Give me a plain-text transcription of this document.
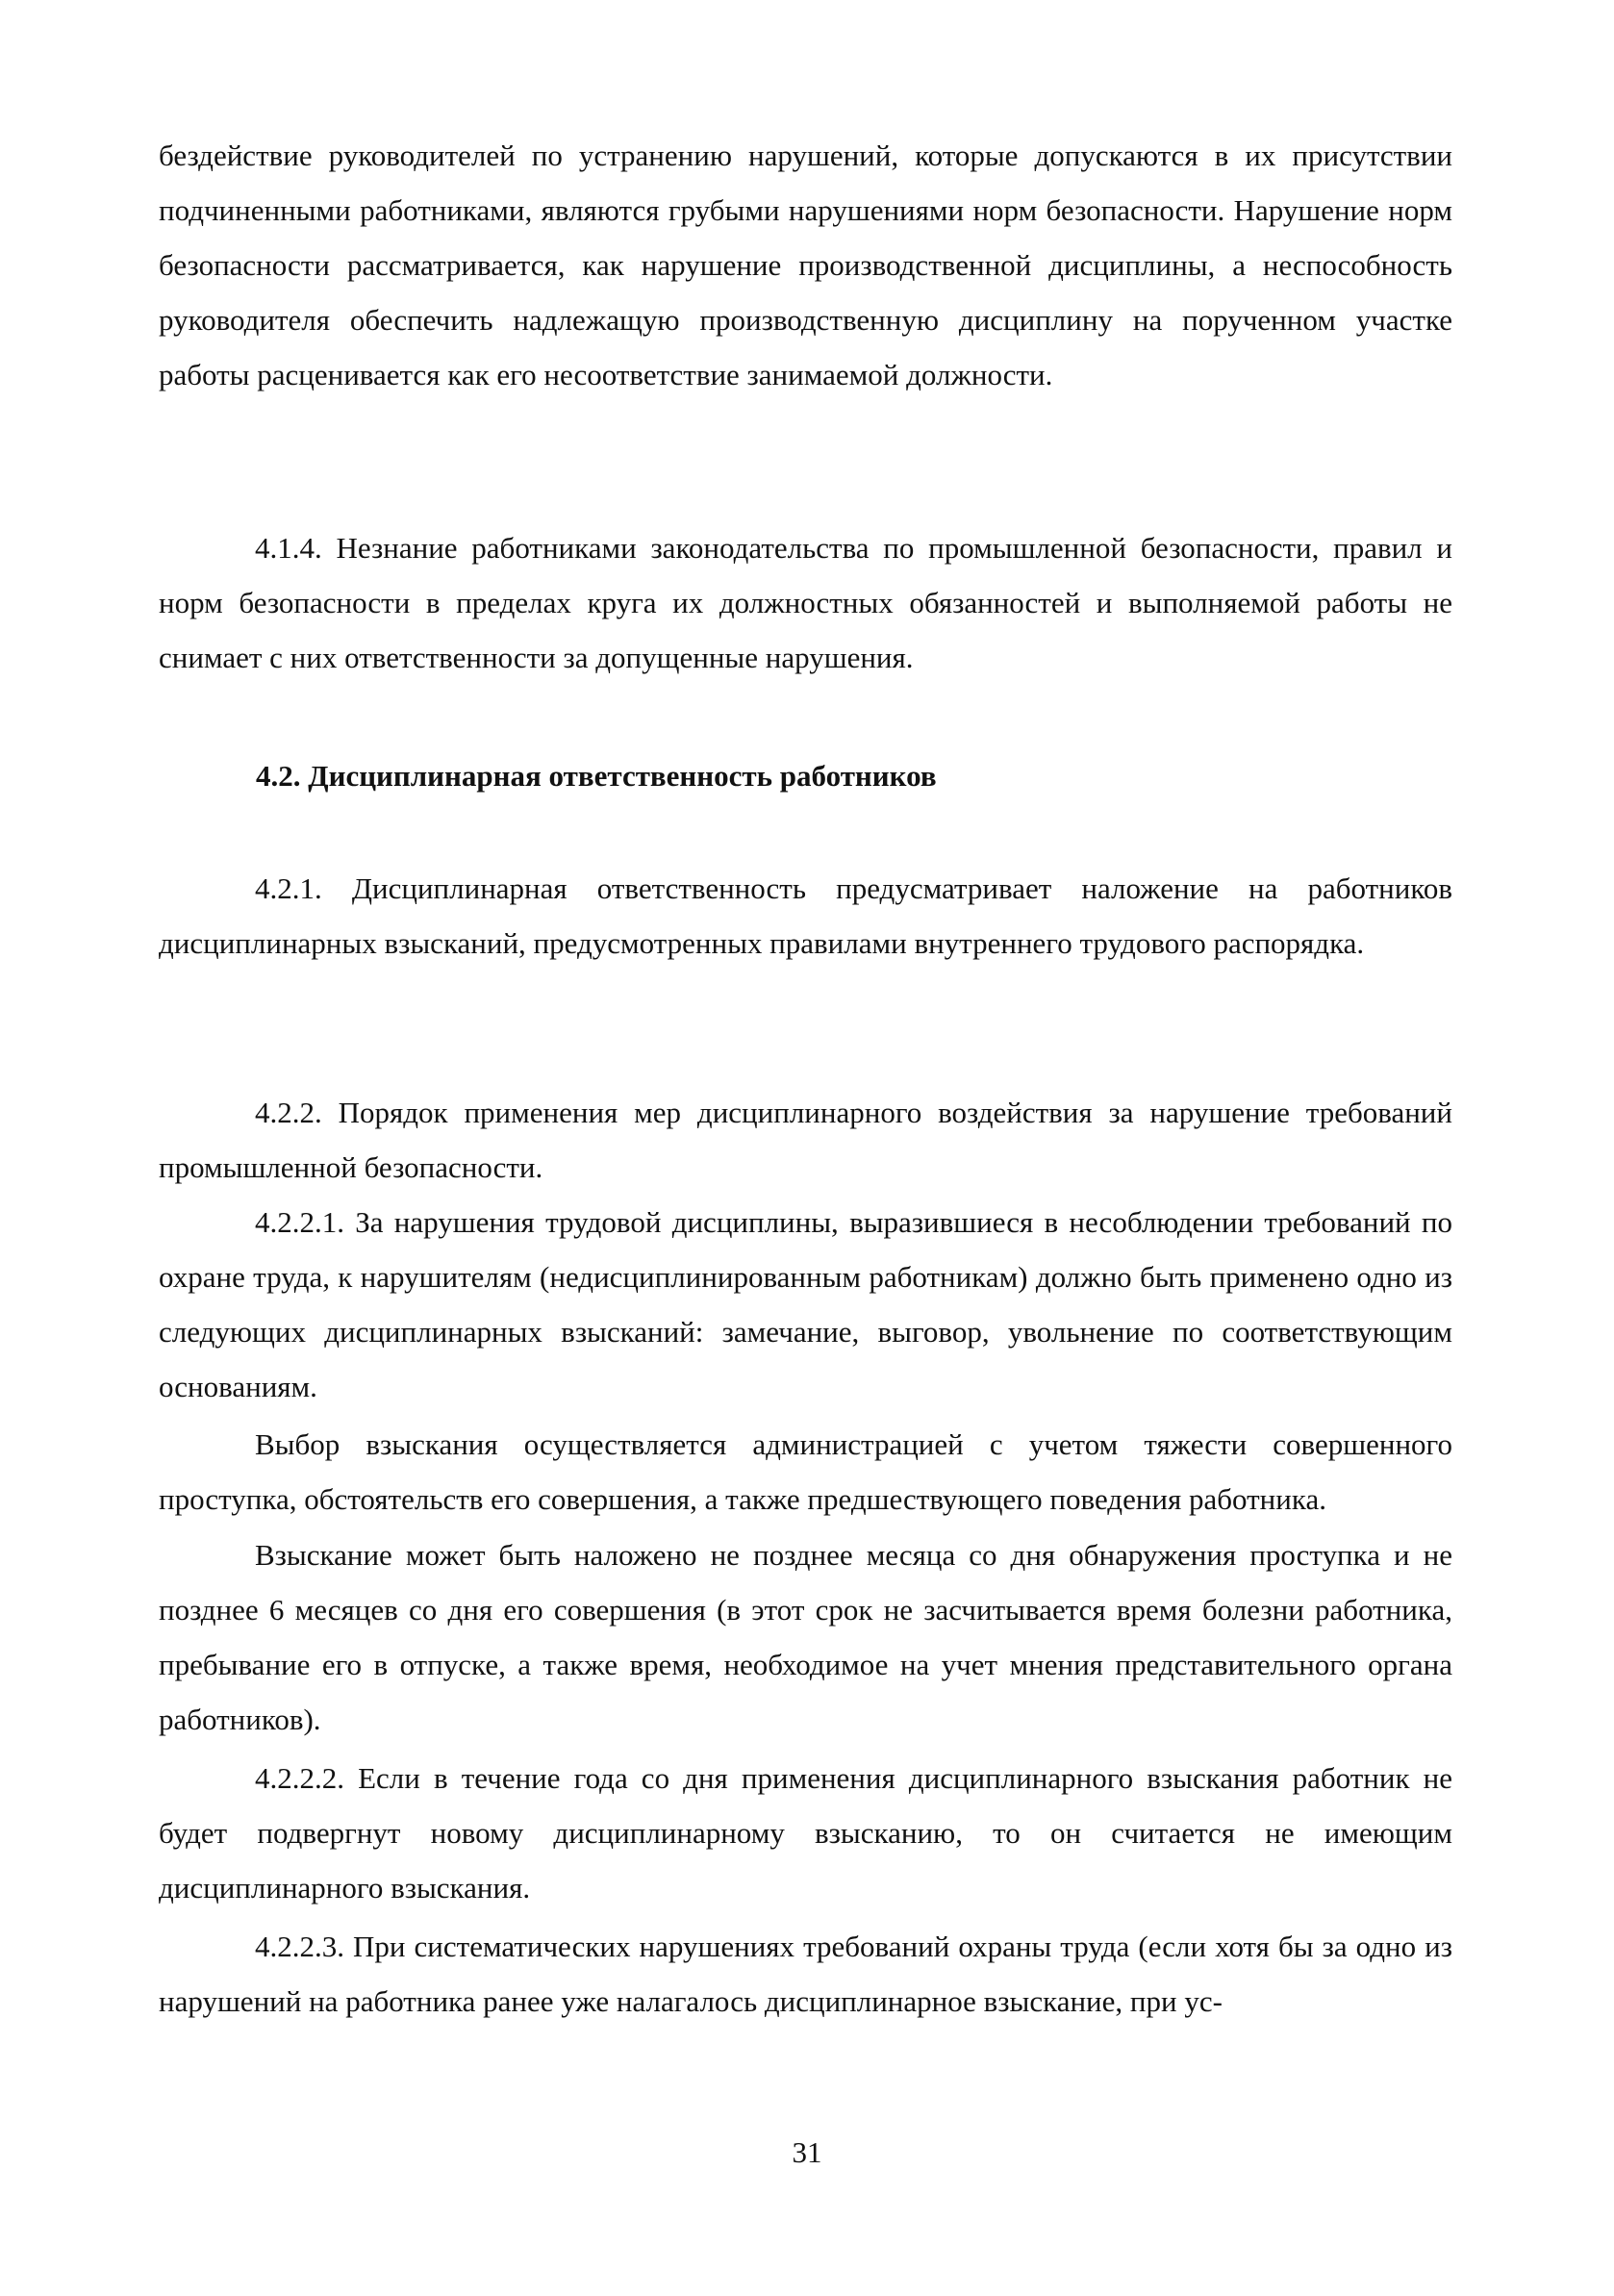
бездействие руководителей по устранению нарушений, которые допускаются в их присутствии подчиненными работниками, являются грубыми нарушениями норм безопасности. Нарушение норм безопасности рассматривается, как нарушение производственной дисциплины, а неспособность руководителя обеспечить надлежащую производственную дисциплину на порученном участке работы расценивается как его несоответствие занимаемой должности.

4.1.4. Незнание работниками законодательства по промышленной безопасности, правил и норм безопасности в пределах круга их должностных обязанностей и выполняемой работы не снимает с них ответственности за допущенные нарушения.

4.2. Дисциплинарная ответственность работников

4.2.1. Дисциплинарная ответственность предусматривает наложение на работников дисциплинарных взысканий, предусмотренных правилами внутреннего трудового распорядка.

4.2.2. Порядок применения мер дисциплинарного воздействия за нарушение требований промышленной безопасности.

4.2.2.1. За нарушения трудовой дисциплины, выразившиеся в несоблюдении требований по охране труда, к нарушителям (недисциплинированным работникам) должно быть применено одно из следующих дисциплинарных взысканий: замечание, выговор, увольнение по соответствующим основаниям.

Выбор взыскания осуществляется администрацией с учетом тяжести совершенного проступка, обстоятельств его совершения, а также предшествующего поведения работника.

Взыскание может быть наложено не позднее месяца со дня обнаружения проступка и не позднее 6 месяцев со дня его совершения (в этот срок не засчитывается время болезни работника, пребывание его в отпуске, а также время, необходимое на учет мнения представительного органа работников).

4.2.2.2. Если в течение года со дня применения дисциплинарного взыскания работник не будет подвергнут новому дисциплинарному взысканию, то он считается не имеющим дисциплинарного взыскания.

4.2.2.3. При систематических нарушениях требований охраны труда (если хотя бы за одно из нарушений на работника ранее уже налагалось дисциплинарное взыскание, при ус-

31
